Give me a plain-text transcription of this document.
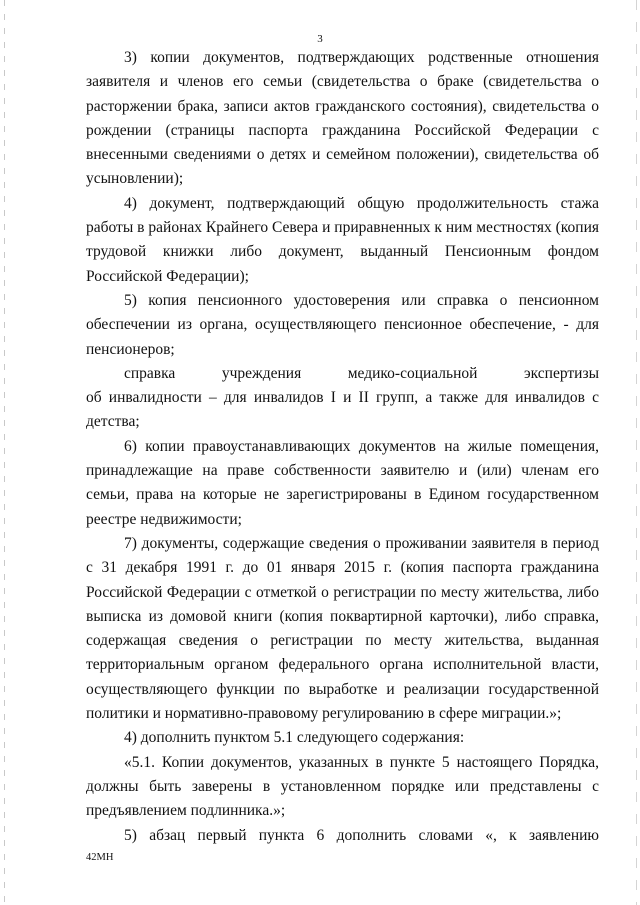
3

3) копии документов, подтверждающих родственные отношения заявителя и членов его семьи (свидетельства о браке (свидетельства о расторжении брака, записи актов гражданского состояния), свидетельства о рождении (страницы паспорта гражданина Российской Федерации с внесенными сведениями о детях и семейном положении), свидетельства об усыновлении);

4) документ, подтверждающий общую продолжительность стажа работы в районах Крайнего Севера и приравненных к ним местностях (копия трудовой книжки либо документ, выданный Пенсионным фондом Российской Федерации);

5) копия пенсионного удостоверения или справка о пенсионном обеспечении из органа, осуществляющего пенсионное обеспечение, - для пенсионеров;

справка	учреждения	медико-социальной	экспертизы

об инвалидности – для инвалидов I и II групп, а также для инвалидов с детства;

6) копии правоустанавливающих документов на жилые помещения, принадлежащие на праве собственности заявителю и (или) членам его семьи, права на которые не зарегистрированы в Едином государственном реестре недвижимости;

7) документы, содержащие сведения о проживании заявителя в период с 31 декабря 1991 г. до 01 января 2015 г. (копия паспорта гражданина Российской Федерации с отметкой о регистрации по месту жительства, либо выписка из домовой книги (копия поквартирной карточки), либо справка, содержащая сведения о регистрации по месту жительства, выданная территориальным органом федерального органа исполнительной власти, осуществляющего функции по выработке и реализации государственной политики и нормативно-правовому регулированию в сфере миграции.»;

4) дополнить пунктом 5.1 следующего содержания:

«5.1. Копии документов, указанных в пункте 5 настоящего Порядка, должны быть заверены в установленном порядке или представлены с предъявлением подлинника.»;

5) абзац первый пункта 6 дополнить словами «, к заявлению

42МН
